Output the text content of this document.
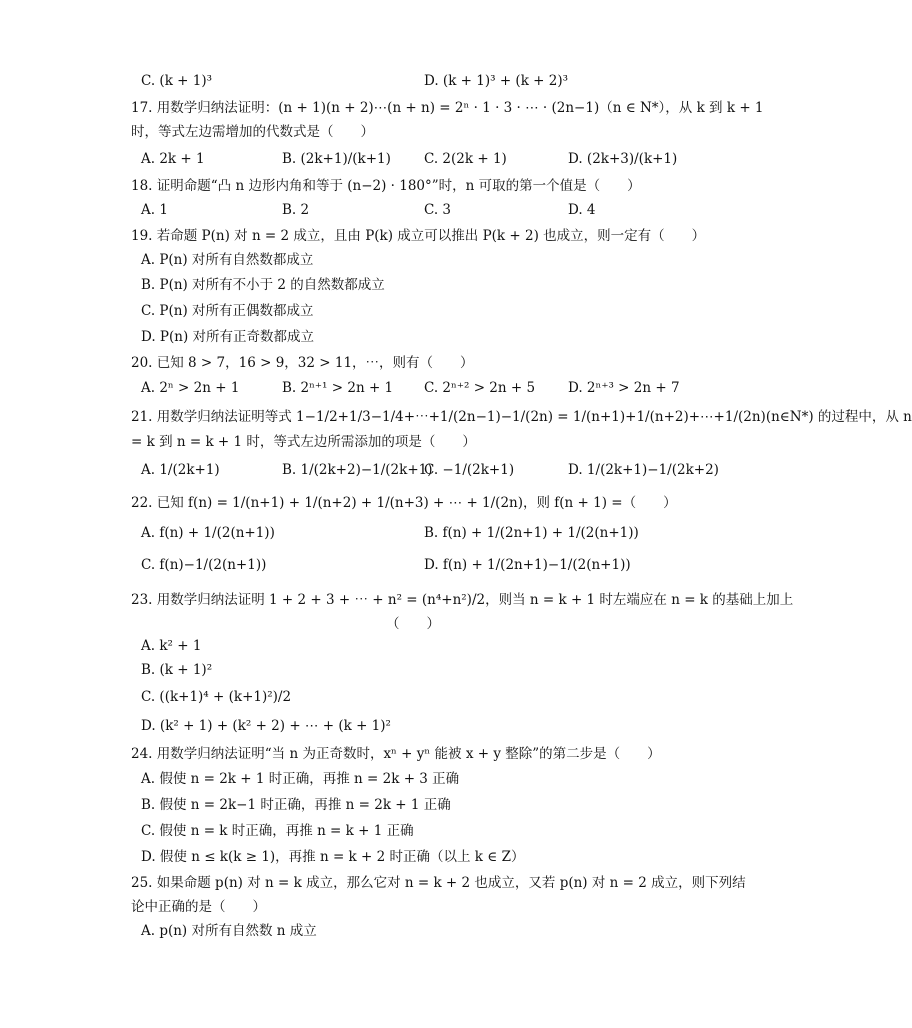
C. (k + 1)³	D. (k + 1)³ + (k + 2)³
17. 用数学归纳法证明：(n + 1)(n + 2)⋯(n + n) = 2ⁿ · 1 · 3 · ⋯ · (2n−1)（n ∈ N*），从 k 到 k + 1
时，等式左边需增加的代数式是（　　）
A. 2k + 1	B. (2k+1)/(k+1) C. 2(2k + 1)	D. (2k+3)/(k+1)
18. 证明命题“凸 n 边形内角和等于 (n−2) · 180°”时，n 可取的第一个值是（　　）
A. 1	B. 2	C. 3	D. 4
19. 若命题 P(n) 对 n = 2 成立，且由 P(k) 成立可以推出 P(k + 2) 也成立，则一定有（　　）
A. P(n) 对所有自然数都成立
B. P(n) 对所有不小于 2 的自然数都成立
C. P(n) 对所有正偶数都成立
D. P(n) 对所有正奇数都成立
20. 已知 8 > 7，16 > 9，32 > 11，⋯，则有（　　）
A. 2ⁿ > 2n + 1	B. 2ⁿ⁺¹ > 2n + 1 C. 2ⁿ⁺² > 2n + 5 D. 2ⁿ⁺³ > 2n + 7
21. 用数学归纳法证明等式 1−1/2+1/3−1/4+⋯+1/(2n−1)−1/(2n) = 1/(n+1)+1/(n+2)+⋯+1/(2n)(n∈N*) 的过程中，从 n
= k 到 n = k + 1 时，等式左边所需添加的项是（　　）
A. 1/(2k+1)	B. 1/(2k+2)−1/(2k+1)
C. −1/(2k+1)	D. 1/(2k+1)−1/(2k+2)
22. 已知 f(n) = 1/(n+1) + 1/(n+2) + 1/(n+3) + ⋯ + 1/(2n)，则 f(n + 1) =（　　）
A. f(n) + 1/(2(n+1))	B. f(n) + 1/(2n+1) + 1/(2(n+1))
C. f(n)−1/(2(n+1))	D. f(n) + 1/(2n+1)−1/(2(n+1))
23. 用数学归纳法证明 1 + 2 + 3 + ⋯ + n² = (n⁴+n²)/2，则当 n = k + 1 时左端应在 n = k 的基础上加上
（　　）
A. k² + 1
B. (k + 1)²
C. ((k+1)⁴ + (k+1)²)/2
D. (k² + 1) + (k² + 2) + ⋯ + (k + 1)²
24. 用数学归纳法证明“当 n 为正奇数时，xⁿ + yⁿ 能被 x + y 整除”的第二步是（　　）
A. 假使 n = 2k + 1 时正确，再推 n = 2k + 3 正确
B. 假使 n = 2k−1 时正确，再推 n = 2k + 1 正确
C. 假使 n = k 时正确，再推 n = k + 1 正确
D. 假使 n ≤ k(k ≥ 1)，再推 n = k + 2 时正确（以上 k ∈ Z）
25. 如果命题 p(n) 对 n = k 成立，那么它对 n = k + 2 也成立，又若 p(n) 对 n = 2 成立，则下列结
论中正确的是（　　）
A. p(n) 对所有自然数 n 成立
